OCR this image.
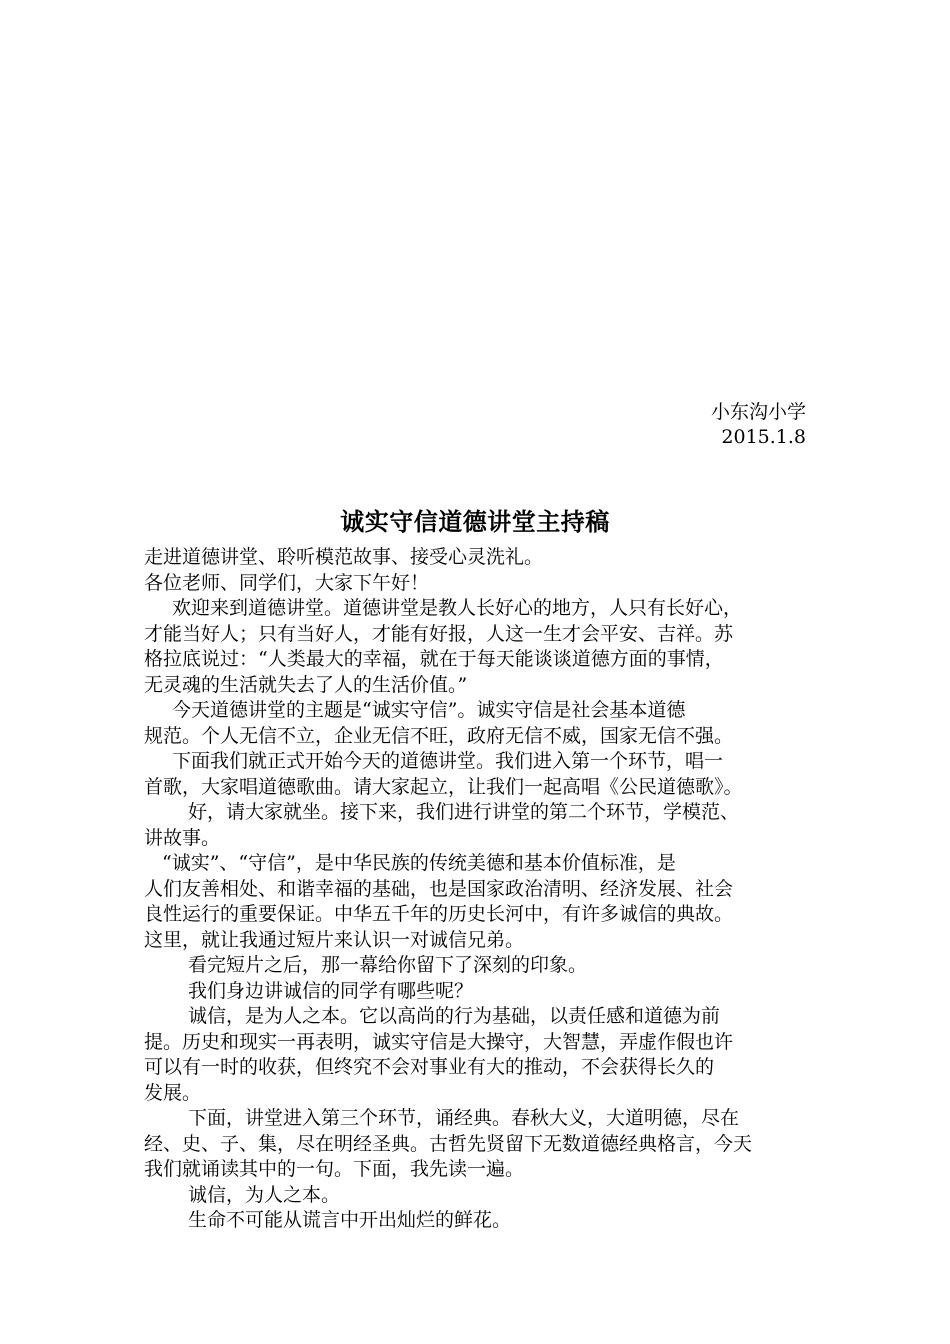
小东沟小学
2015.1.8
诚实守信道德讲堂主持稿
走进道德讲堂、聆听模范故事、接受心灵洗礼。
各位老师、同学们，大家下午好！
欢迎来到道德讲堂。道德讲堂是教人长好心的地方，人只有长好心，
才能当好人；只有当好人，才能有好报，人这一生才会平安、吉祥。苏
格拉底说过：“人类最大的幸福，就在于每天能谈谈道德方面的事情，
无灵魂的生活就失去了人的生活价值。”
今天道德讲堂的主题是“诚实守信”。诚实守信是社会基本道德
规范。个人无信不立，企业无信不旺，政府无信不威，国家无信不强。
下面我们就正式开始今天的道德讲堂。我们进入第一个环节，唱一
首歌，大家唱道德歌曲。请大家起立，让我们一起高唱《公民道德歌》。
好，请大家就坐。接下来，我们进行讲堂的第二个环节，学模范、
讲故事。
“诚实”、“守信”，是中华民族的传统美德和基本价值标准，是
人们友善相处、和谐幸福的基础，也是国家政治清明、经济发展、社会
良性运行的重要保证。中华五千年的历史长河中，有许多诚信的典故。
这里，就让我通过短片来认识一对诚信兄弟。
看完短片之后，那一幕给你留下了深刻的印象。
我们身边讲诚信的同学有哪些呢？
诚信，是为人之本。它以高尚的行为基础，以责任感和道德为前
提。历史和现实一再表明，诚实守信是大操守，大智慧，弄虚作假也许
可以有一时的收获，但终究不会对事业有大的推动，不会获得长久的
发展。
下面，讲堂进入第三个环节，诵经典。春秋大义，大道明德，尽在
经、史、子、集，尽在明经圣典。古哲先贤留下无数道德经典格言，今天
我们就诵读其中的一句。下面，我先读一遍。
诚信，为人之本。
生命不可能从谎言中开出灿烂的鲜花。
